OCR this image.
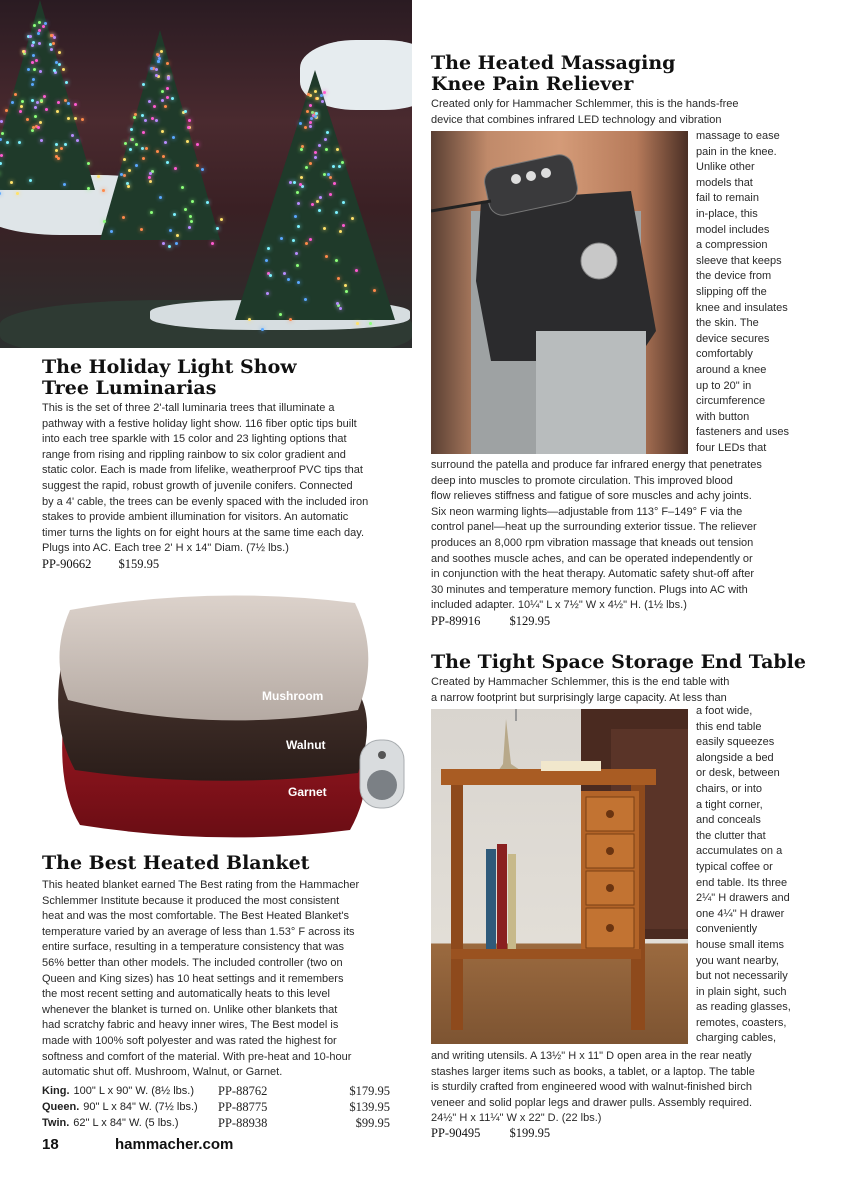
The Holiday Light Show
Tree Luminarias
This is the set of three 2'-tall luminaria trees that illuminate a
pathway with a festive holiday light show. 116 fiber optic tips built
into each tree sparkle with 15 color and 23 lighting options that
range from rising and rippling rainbow to six color gradient and
static color. Each is made from lifelike, weatherproof PVC tips that
suggest the rapid, robust growth of juvenile conifers. Connected
by a 4' cable, the trees can be evenly spaced with the included iron
stakes to provide ambient illumination for visitors. An automatic
timer turns the lights on for eight hours at the same time each day.
Plugs into AC. Each tree 2' H x 14" Diam. (7½ lbs.)
PP-90662 $159.95
Mushroom
Walnut
Garnet
The Best Heated Blanket
This heated blanket earned The Best rating from the Hammacher
Schlemmer Institute because it produced the most consistent
heat and was the most comfortable. The Best Heated Blanket's
temperature varied by an average of less than 1.53° F across its
entire surface, resulting in a temperature consistency that was
56% better than other models. The included controller (two on
Queen and King sizes) has 10 heat settings and it remembers
the most recent setting and automatically heats to this level
whenever the blanket is turned on. Unlike other blankets that
had scratchy fabric and heavy inner wires, The Best model is
made with 100% soft polyester and was rated the highest for
softness and comfort of the material. With pre-heat and 10-hour
automatic shut off. Mushroom, Walnut, or Garnet.
King. 100" L x 90" W. (8½ lbs.)	PP-88762	$179.95
Queen. 90" L x 84" W. (7½ lbs.)	PP-88775	$139.95
Twin. 62" L x 84" W. (5 lbs.)	PP-88938	$99.95
18	hammacher.com
The Heated Massaging
Knee Pain Reliever
Created only for Hammacher Schlemmer, this is the hands-free
device that combines infrared LED technology and vibration
massage to ease
pain in the knee.
Unlike other
models that
fail to remain
in-place, this
model includes
a compression
sleeve that keeps
the device from
slipping off the
knee and insulates
the skin. The
device secures
comfortably
around a knee
up to 20" in
circumference
with button
fasteners and uses
four LEDs that
surround the patella and produce far infrared energy that penetrates
deep into muscles to promote circulation. This improved blood
flow relieves stiffness and fatigue of sore muscles and achy joints.
Six neon warming lights—adjustable from 113° F–149° F via the
control panel—heat up the surrounding exterior tissue. The reliever
produces an 8,000 rpm vibration massage that kneads out tension
and soothes muscle aches, and can be operated independently or
in conjunction with the heat therapy. Automatic safety shut-off after
30 minutes and temperature memory function. Plugs into AC with
included adapter. 10¼" L x 7½" W x 4½" H. (1½ lbs.)
PP-89916 $129.95
The Tight Space Storage End Table
Created by Hammacher Schlemmer, this is the end table with
a narrow footprint but surprisingly large capacity. At less than
a foot wide,
this end table
easily squeezes
alongside a bed
or desk, between
chairs, or into
a tight corner,
and conceals
the clutter that
accumulates on a
typical coffee or
end table. Its three
2¼" H drawers and
one 4¼" H drawer
conveniently
house small items
you want nearby,
but not necessarily
in plain sight, such
as reading glasses,
remotes, coasters,
charging cables,
and writing utensils. A 13½" H x 11" D open area in the rear neatly
stashes larger items such as books, a tablet, or a laptop. The table
is sturdily crafted from engineered wood with walnut-finished birch
veneer and solid poplar legs and drawer pulls. Assembly required.
24½" H x 11¼" W x 22" D. (22 lbs.)
PP-90495 $199.95
